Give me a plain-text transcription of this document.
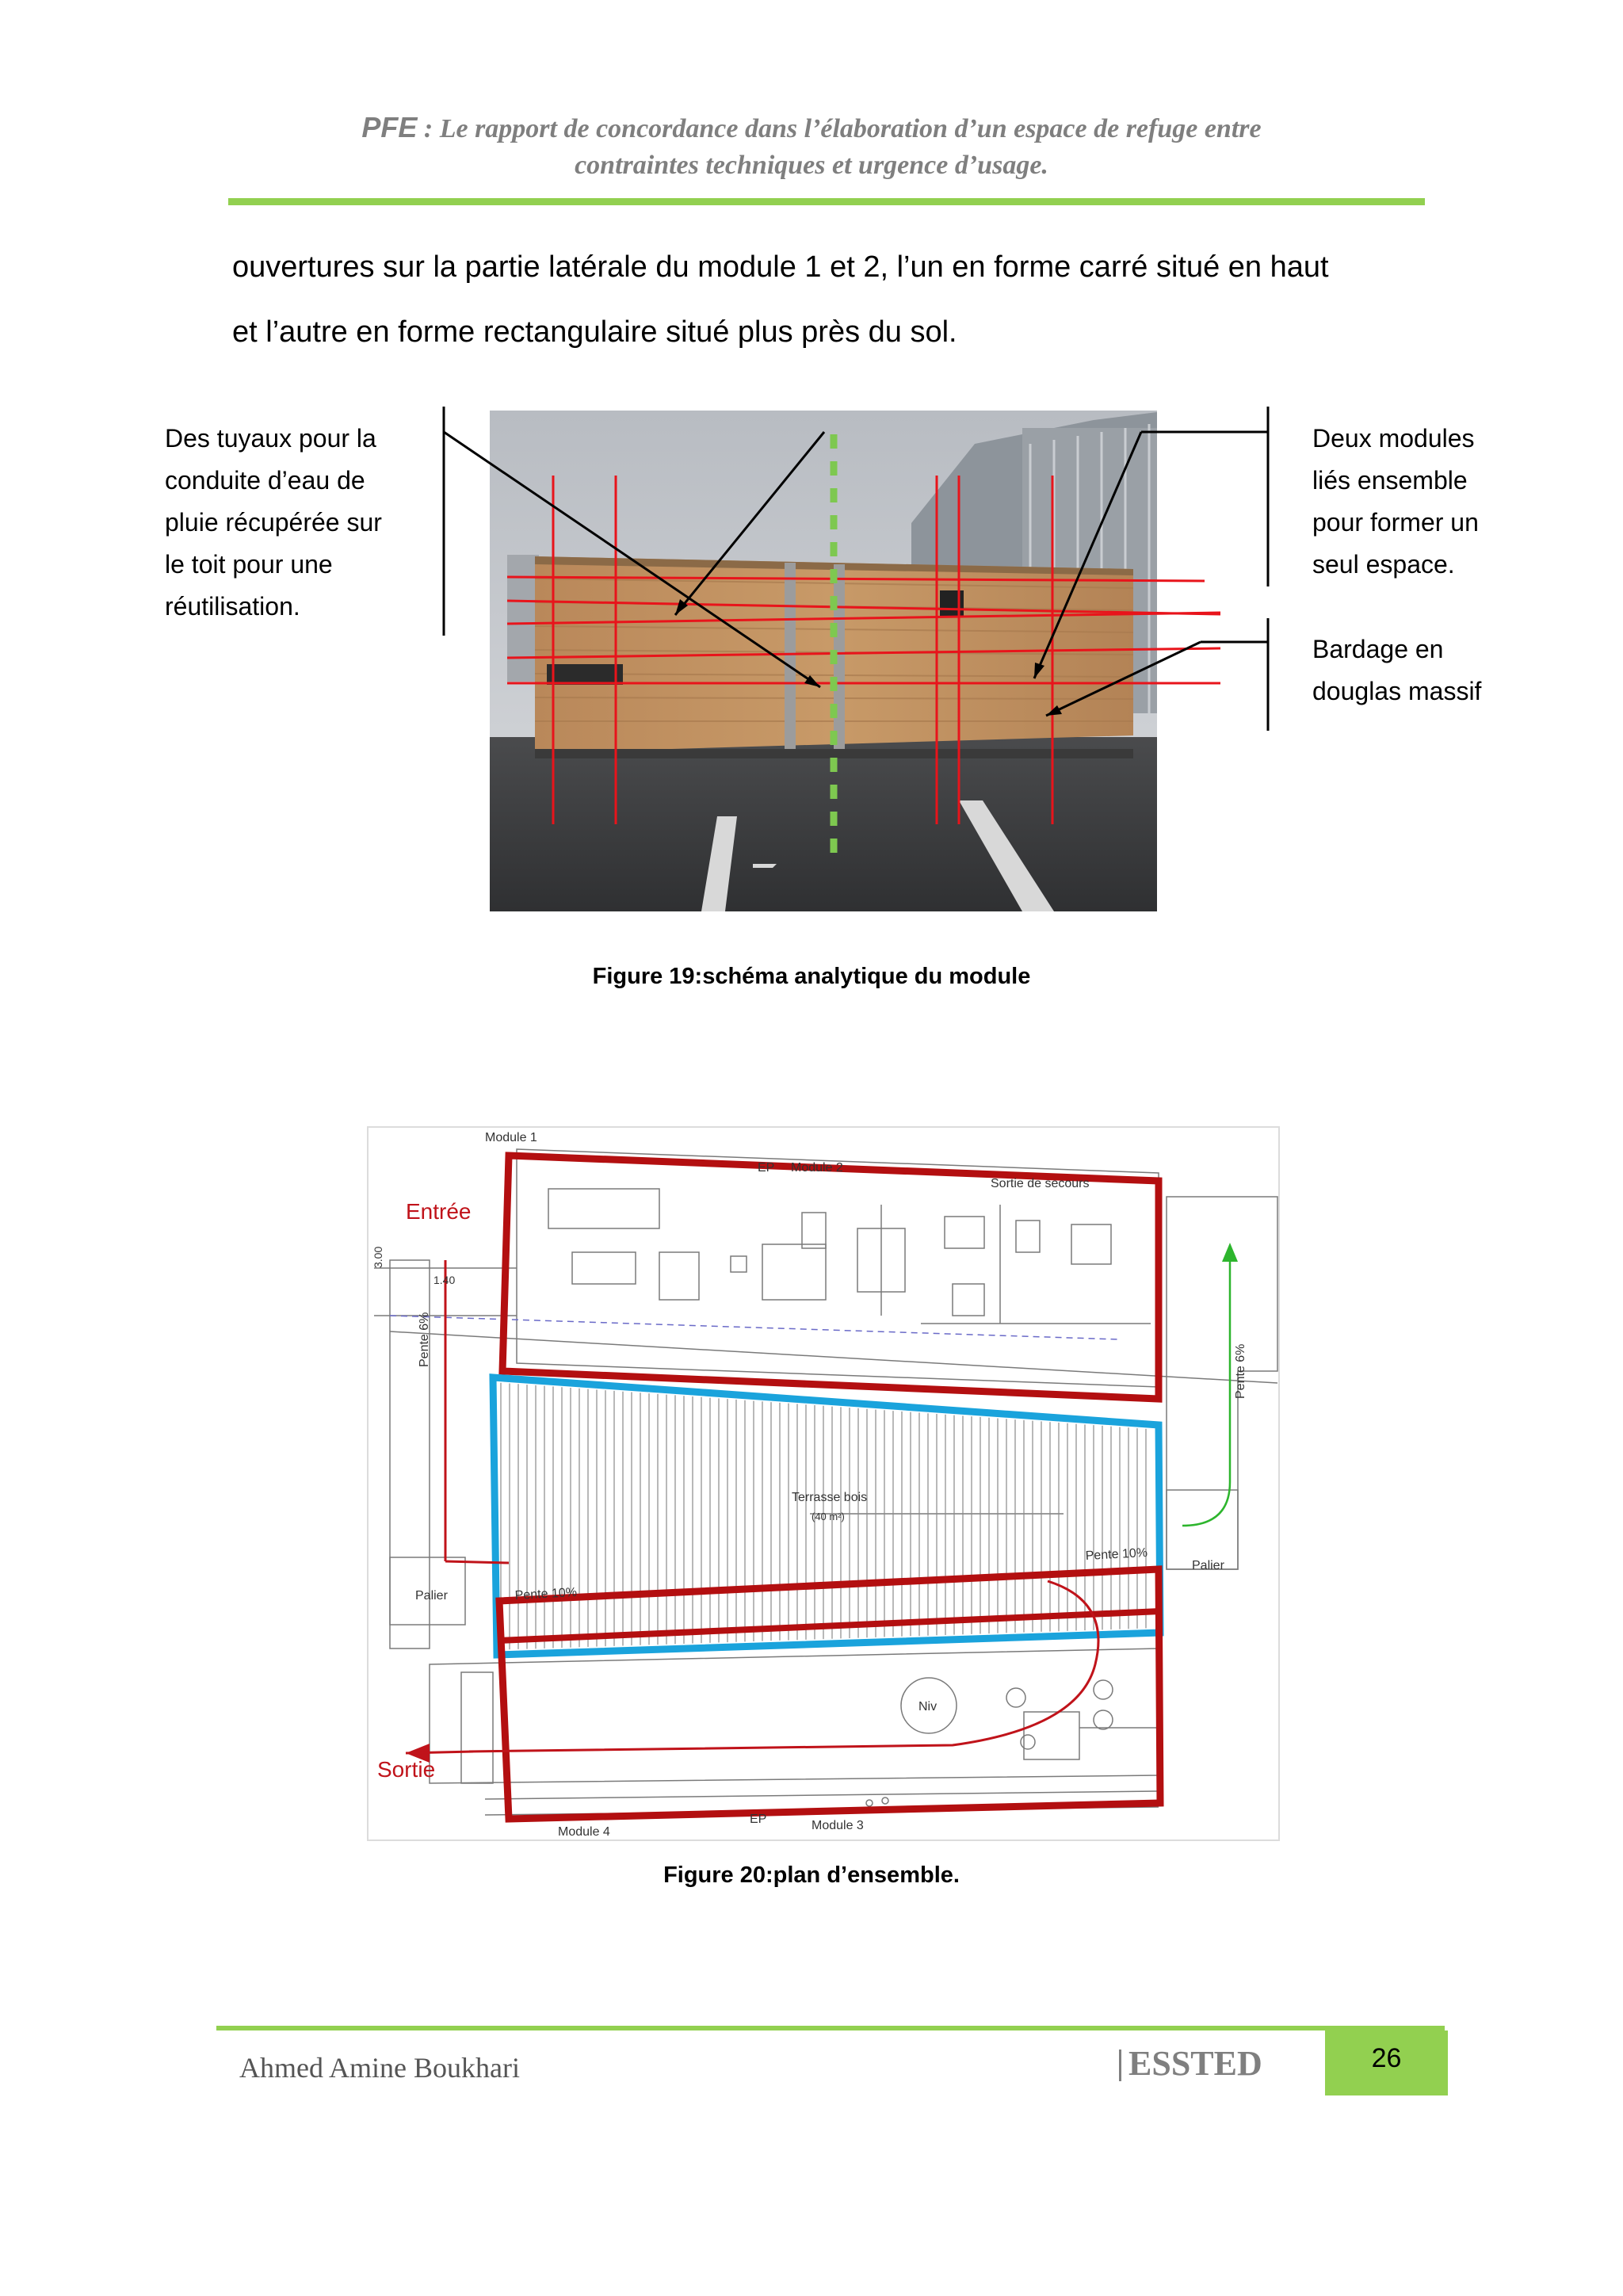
PFE : Le rapport de concordance dans l’élaboration d’un espace de refuge entre
contraintes techniques et urgence d’usage.
ouvertures sur la partie latérale du module 1 et 2, l’un en forme carré situé en haut
et l’autre en forme rectangulaire situé plus près du sol.
Des tuyaux pour la
conduite d’eau de
pluie récupérée sur
le toit pour une
réutilisation.
Deux modules
liés ensemble
pour former un
seul espace.
Bardage en
douglas massif
Figure 19:schéma analytique du module
Module 1
Module 2
EP
Sortie de secours
Module 4	Module 3
EP
Terrasse bois
(40 m²)
Palier
Palier
Pente 10%
Pente 10%
Pente 6%
Pente 6%
3.00
1.40
Niv
Entrée
Sortie
Figure 20:plan d’ensemble.
Ahmed Amine Boukhari	ESSTED	26
